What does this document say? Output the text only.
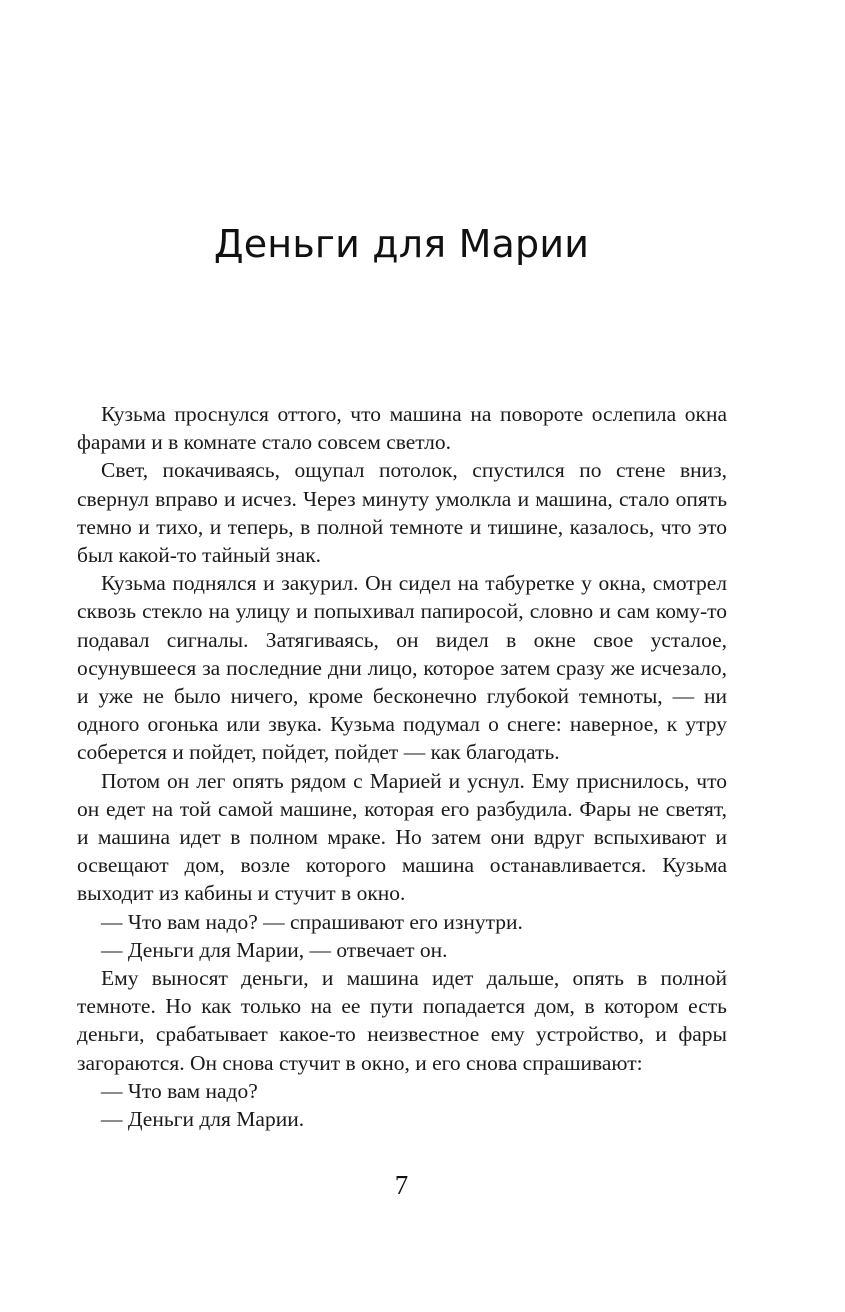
Деньги для Марии

Кузьма проснулся оттого, что машина на повороте ослепила окна фарами и в комнате стало совсем светло.

Свет, покачиваясь, ощупал потолок, спустился по стене вниз, свернул вправо и исчез. Через минуту умолкла и машина, стало опять темно и тихо, и теперь, в полной темноте и тишине, казалось, что это был какой-то тайный знак.

Кузьма поднялся и закурил. Он сидел на табуретке у окна, смотрел сквозь стекло на улицу и попыхивал папиросой, словно и сам кому-то подавал сигналы. Затягиваясь, он видел в окне свое усталое, осунувшееся за последние дни лицо, которое затем сразу же исчезало, и уже не было ничего, кроме бесконечно глубокой темноты, — ни одного огонька или звука. Кузьма подумал о снеге: наверное, к утру соберется и пойдет, пойдет, пойдет — как благодать.

Потом он лег опять рядом с Марией и уснул. Ему приснилось, что он едет на той самой машине, которая его разбудила. Фары не светят, и машина идет в полном мраке. Но затем они вдруг вспыхивают и освещают дом, возле которого машина останавливается. Кузьма выходит из кабины и стучит в окно.

— Что вам надо? — спрашивают его изнутри.

— Деньги для Марии, — отвечает он.

Ему выносят деньги, и машина идет дальше, опять в полной темноте. Но как только на ее пути попадается дом, в котором есть деньги, срабатывает какое-то неизвестное ему устройство, и фары загораются. Он снова стучит в окно, и его снова спрашивают:

— Что вам надо?

— Деньги для Марии.

7
